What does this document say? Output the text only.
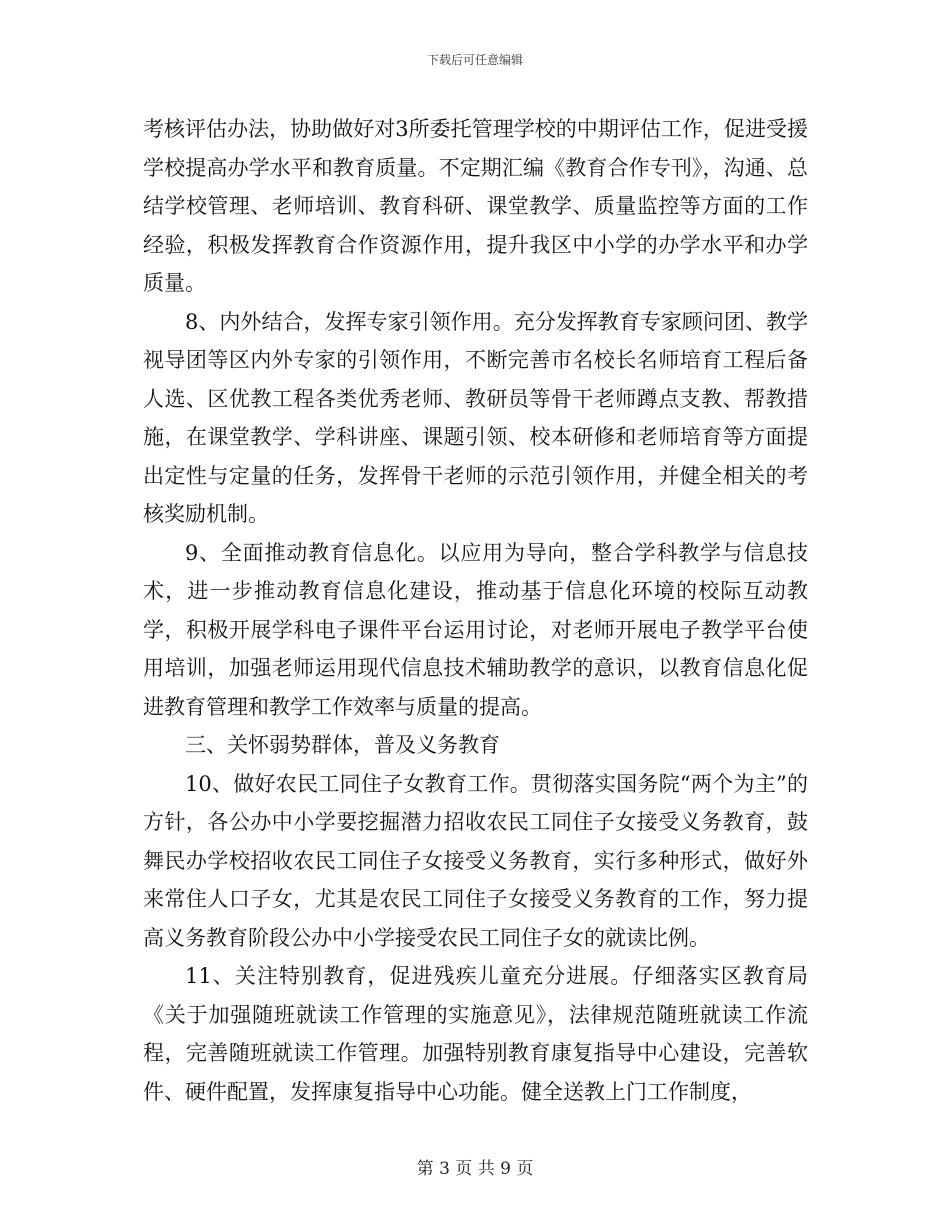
下载后可任意编辑

考核评估办法，协助做好对3所委托管理学校的中期评估工作，促进受援学校提高办学水平和教育质量。不定期汇编《教育合作专刊》，沟通、总结学校管理、老师培训、教育科研、课堂教学、质量监控等方面的工作经验，积极发挥教育合作资源作用，提升我区中小学的办学水平和办学质量。

8、内外结合，发挥专家引领作用。充分发挥教育专家顾问团、教学视导团等区内外专家的引领作用，不断完善市名校长名师培育工程后备人选、区优教工程各类优秀老师、教研员等骨干老师蹲点支教、帮教措施，在课堂教学、学科讲座、课题引领、校本研修和老师培育等方面提出定性与定量的任务，发挥骨干老师的示范引领作用，并健全相关的考核奖励机制。

9、全面推动教育信息化。以应用为导向，整合学科教学与信息技术，进一步推动教育信息化建设，推动基于信息化环境的校际互动教学，积极开展学科电子课件平台运用讨论，对老师开展电子教学平台使用培训，加强老师运用现代信息技术辅助教学的意识，以教育信息化促进教育管理和教学工作效率与质量的提高。

三、关怀弱势群体，普及义务教育

10、做好农民工同住子女教育工作。贯彻落实国务院“两个为主”的方针，各公办中小学要挖掘潜力招收农民工同住子女接受义务教育，鼓舞民办学校招收农民工同住子女接受义务教育，实行多种形式，做好外来常住人口子女，尤其是农民工同住子女接受义务教育的工作，努力提高义务教育阶段公办中小学接受农民工同住子女的就读比例。

11、关注特别教育，促进残疾儿童充分进展。仔细落实区教育局《关于加强随班就读工作管理的实施意见》，法律规范随班就读工作流程，完善随班就读工作管理。加强特别教育康复指导中心建设，完善软件、硬件配置，发挥康复指导中心功能。健全送教上门工作制度，

第 3 页 共 9 页
